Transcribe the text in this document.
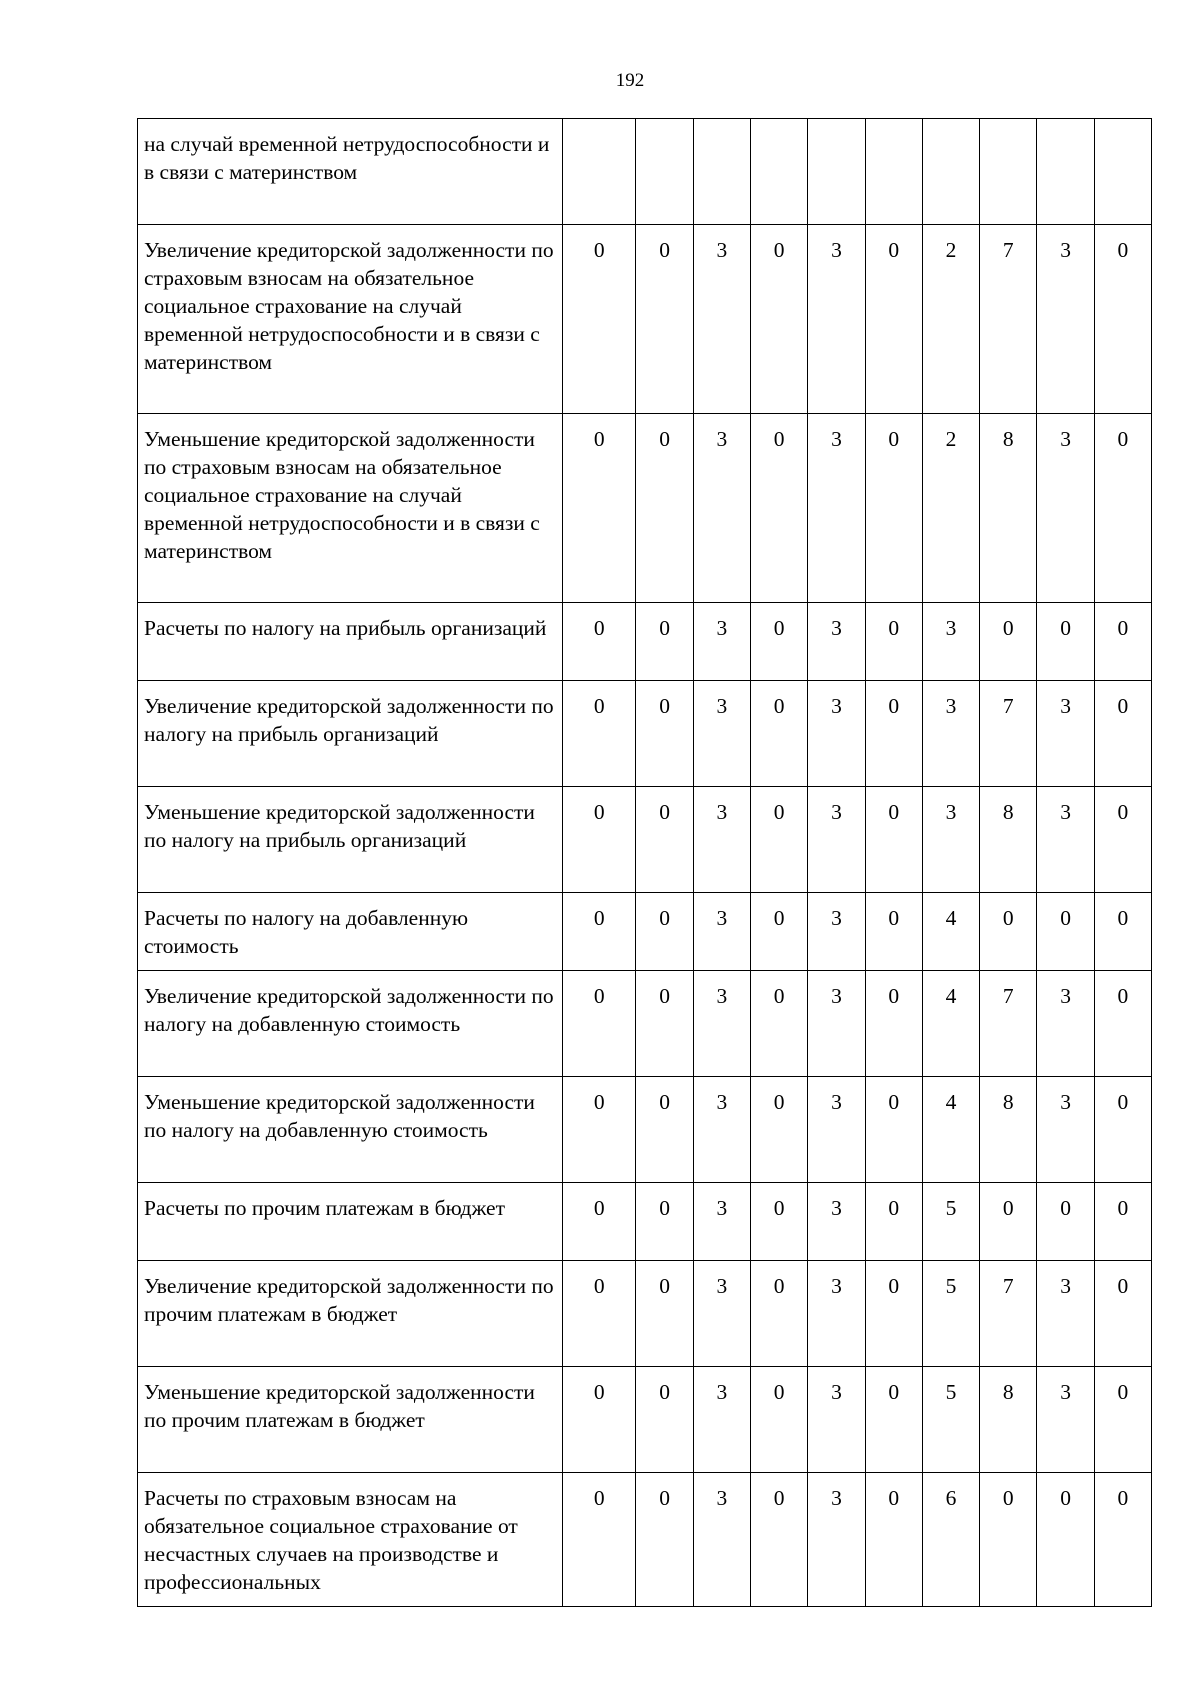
192
на случай временной нетрудоспособности и в связи с материнством										
Увеличение кредиторской задолженности по страховым взносам на обязательное социальное страхование на случай временной нетрудоспособности и в связи с материнством	0	0	3	0	3	0	2	7	3	0
Уменьшение кредиторской задолженности по страховым взносам на обязательное социальное страхование на случай временной нетрудоспособности и в связи с материнством	0	0	3	0	3	0	2	8	3	0
Расчеты по налогу на прибыль организаций	0	0	3	0	3	0	3	0	0	0
Увеличение кредиторской задолженности по налогу на прибыль организаций	0	0	3	0	3	0	3	7	3	0
Уменьшение кредиторской задолженности по налогу на прибыль организаций	0	0	3	0	3	0	3	8	3	0
Расчеты по налогу на добавленную стоимость	0	0	3	0	3	0	4	0	0	0
Увеличение кредиторской задолженности по налогу на добавленную стоимость	0	0	3	0	3	0	4	7	3	0
Уменьшение кредиторской задолженности по налогу на добавленную стоимость	0	0	3	0	3	0	4	8	3	0
Расчеты по прочим платежам в бюджет	0	0	3	0	3	0	5	0	0	0
Увеличение кредиторской задолженности по прочим платежам в бюджет	0	0	3	0	3	0	5	7	3	0
Уменьшение кредиторской задолженности по прочим платежам в бюджет	0	0	3	0	3	0	5	8	3	0
Расчеты по страховым взносам на обязательное социальное страхование от несчастных случаев на производстве и профессиональных	0	0	3	0	3	0	6	0	0	0
